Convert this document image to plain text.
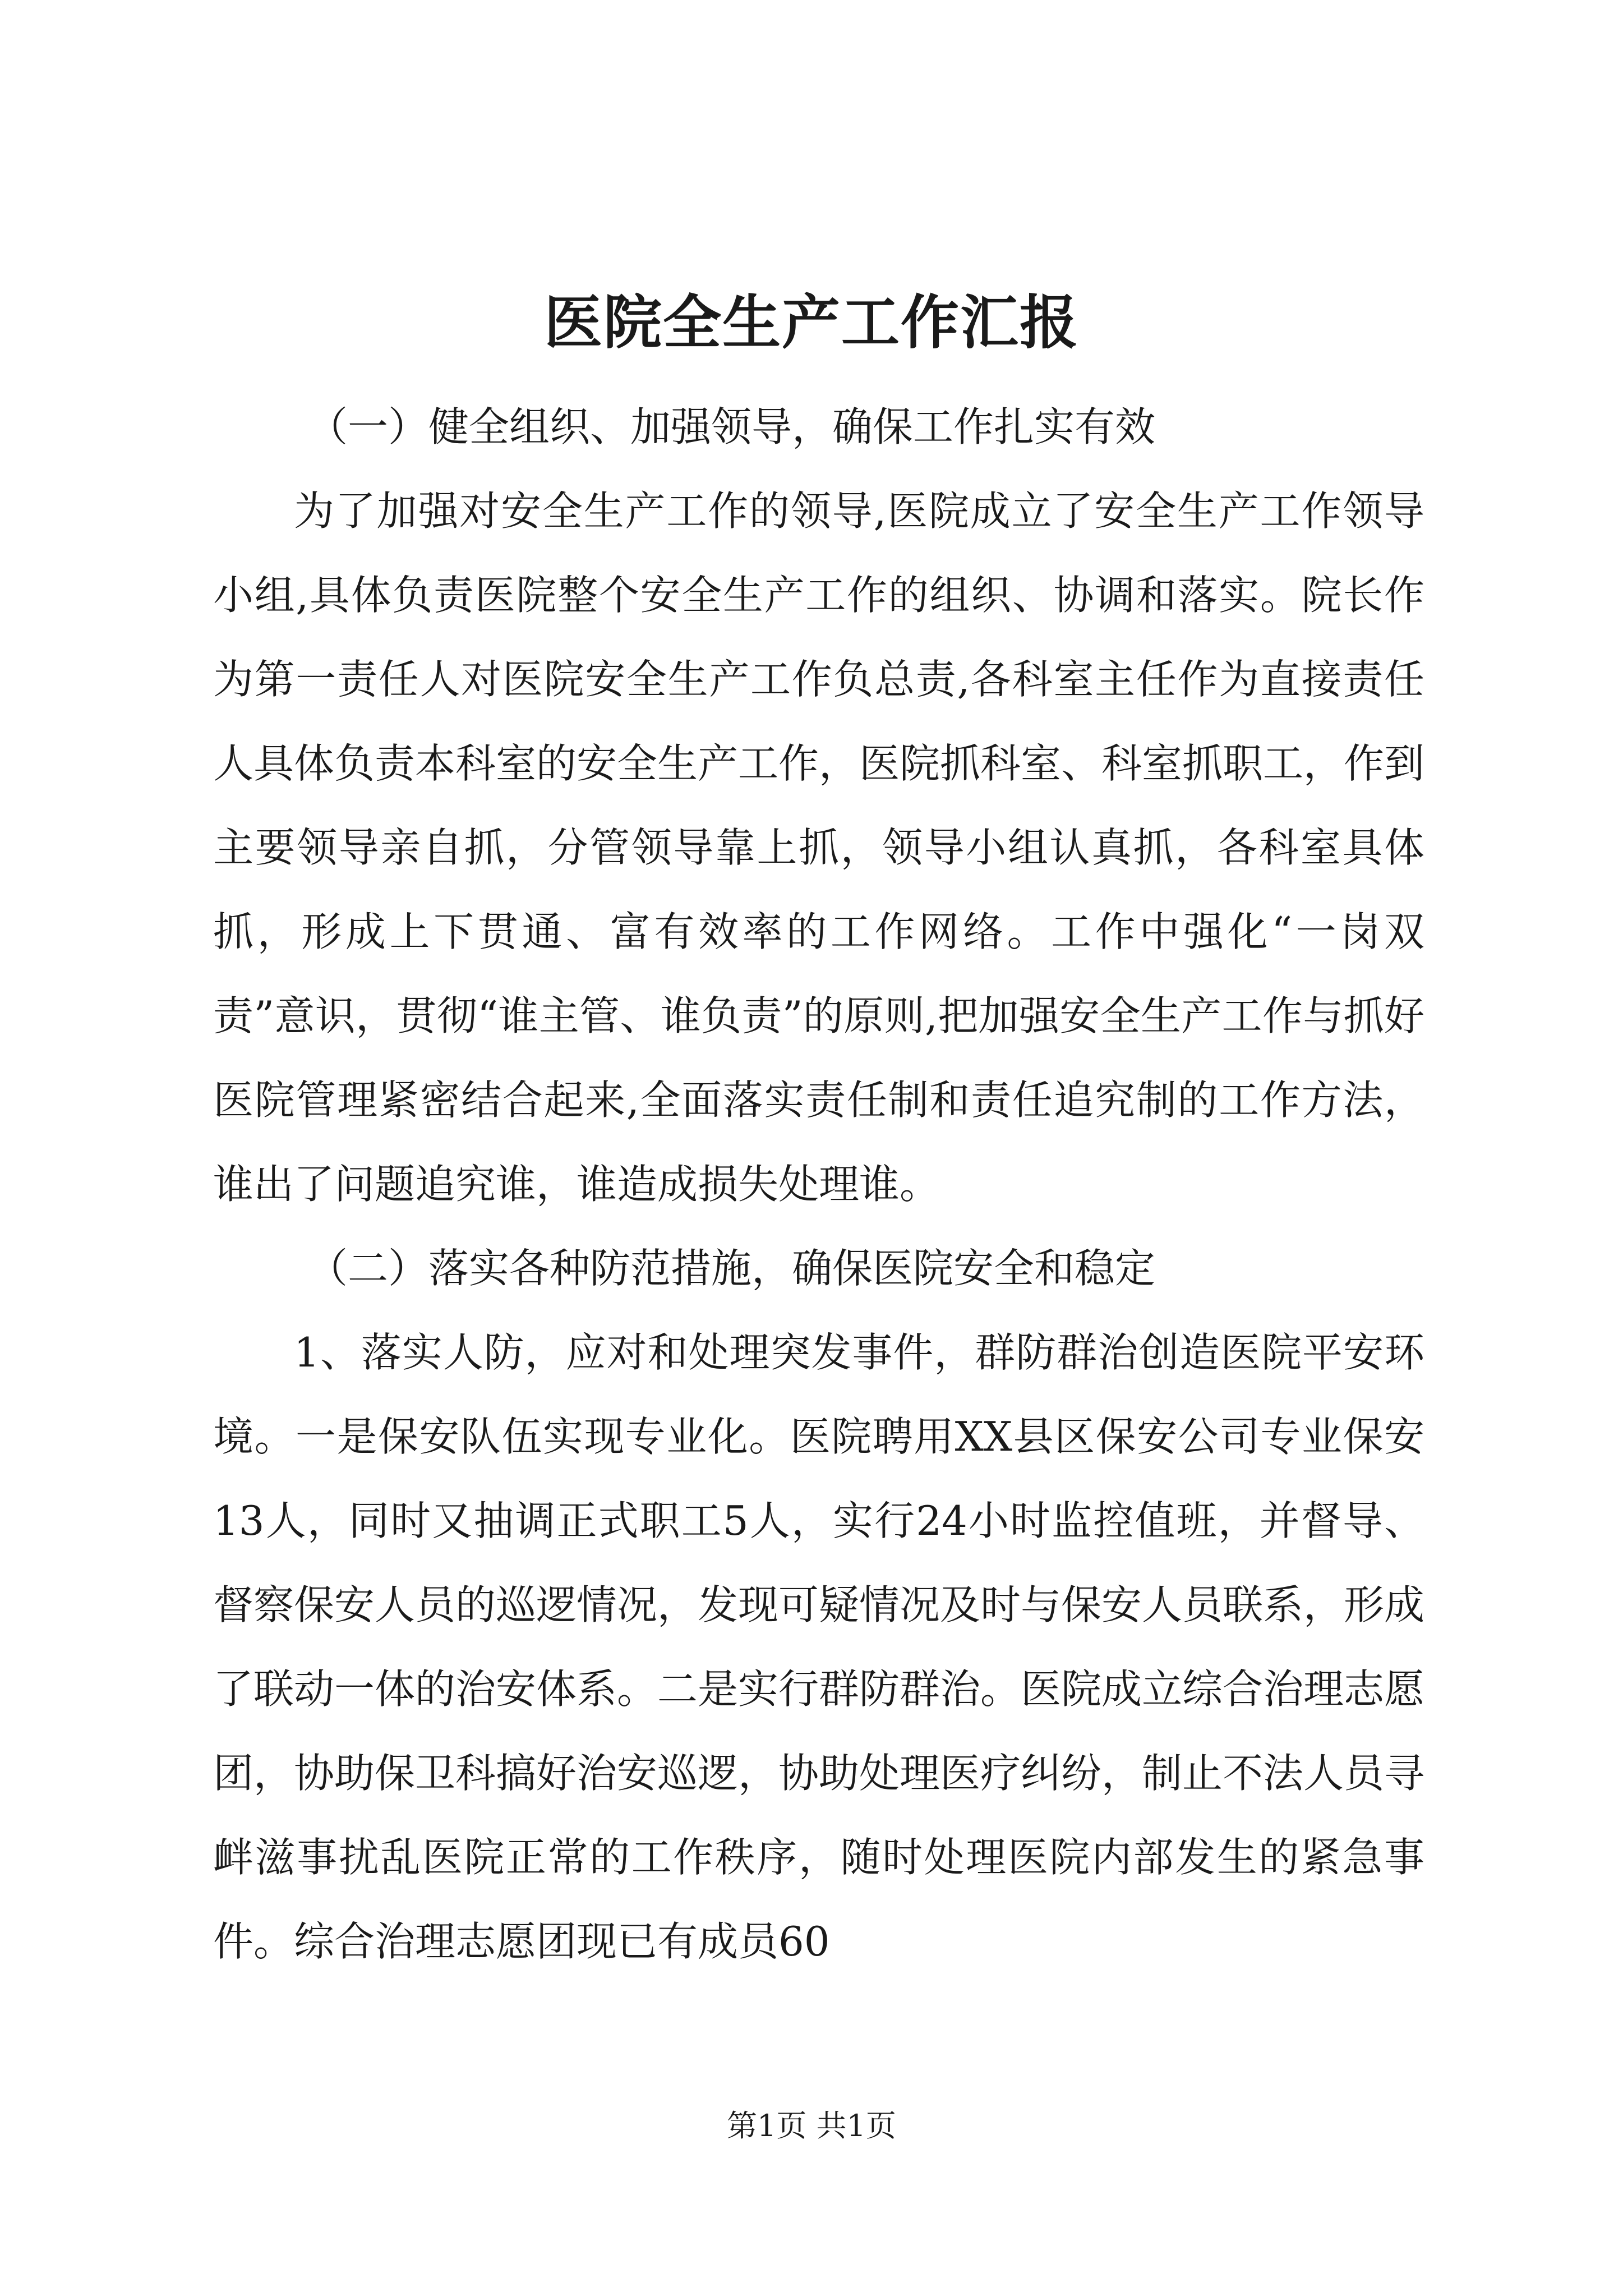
医院全生产工作汇报

（一）健全组织、加强领导，确保工作扎实有效

为了加强对安全生产工作的领导,医院成立了安全生产工作领导小组,具体负责医院整个安全生产工作的组织、协调和落实。院长作为第一责任人对医院安全生产工作负总责,各科室主任作为直接责任人具体负责本科室的安全生产工作，医院抓科室、科室抓职工，作到主要领导亲自抓，分管领导靠上抓，领导小组认真抓，各科室具体抓，形成上下贯通、富有效率的工作网络。工作中强化“一岗双责”意识，贯彻“谁主管、谁负责”的原则,把加强安全生产工作与抓好医院管理紧密结合起来,全面落实责任制和责任追究制的工作方法，谁出了问题追究谁，谁造成损失处理谁。

（二）落实各种防范措施，确保医院安全和稳定

1、落实人防，应对和处理突发事件，群防群治创造医院平安环境。一是保安队伍实现专业化。医院聘用XX县区保安公司专业保安13人，同时又抽调正式职工5人，实行24小时监控值班，并督导、督察保安人员的巡逻情况，发现可疑情况及时与保安人员联系，形成了联动一体的治安体系。二是实行群防群治。医院成立综合治理志愿团，协助保卫科搞好治安巡逻，协助处理医疗纠纷，制止不法人员寻衅滋事扰乱医院正常的工作秩序，随时处理医院内部发生的紧急事件。综合治理志愿团现已有成员60

第1页 共1页
